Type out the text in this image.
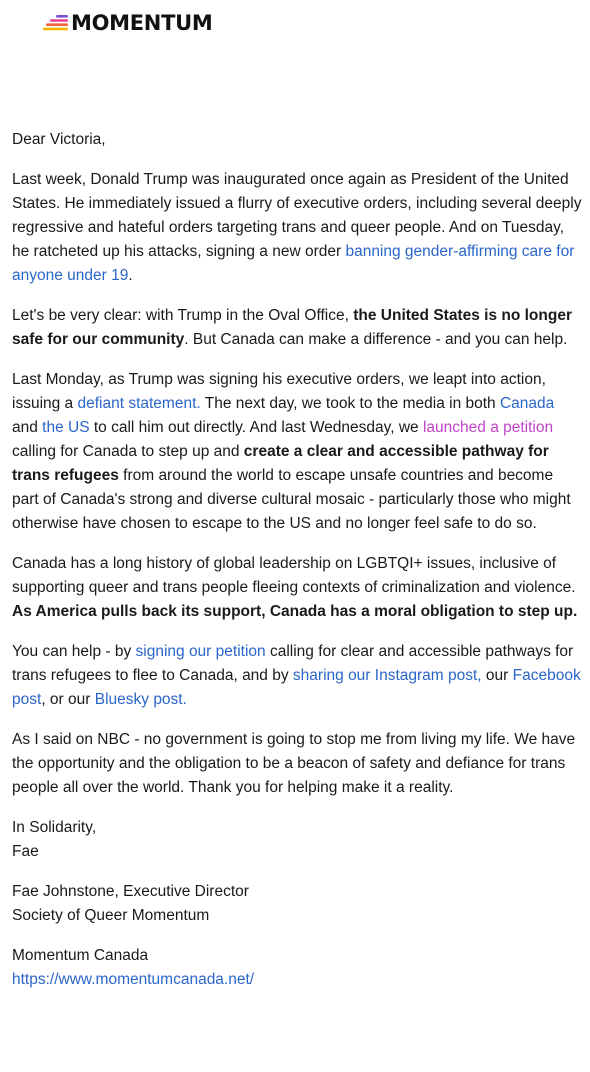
MOMENTUM

Dear Victoria,

Last week, Donald Trump was inaugurated once again as President of the United States. He immediately issued a flurry of executive orders, including several deeply regressive and hateful orders targeting trans and queer people. And on Tuesday, he ratcheted up his attacks, signing a new order banning gender-affirming care for anyone under 19.

Let's be very clear: with Trump in the Oval Office, the United States is no longer safe for our community. But Canada can make a difference - and you can help.

Last Monday, as Trump was signing his executive orders, we leapt into action, issuing a defiant statement. The next day, we took to the media in both Canada and the US to call him out directly. And last Wednesday, we launched a petition calling for Canada to step up and create a clear and accessible pathway for trans refugees from around the world to escape unsafe countries and become part of Canada's strong and diverse cultural mosaic - particularly those who might otherwise have chosen to escape to the US and no longer feel safe to do so.

Canada has a long history of global leadership on LGBTQI+ issues, inclusive of supporting queer and trans people fleeing contexts of criminalization and violence. As America pulls back its support, Canada has a moral obligation to step up.

You can help - by signing our petition calling for clear and accessible pathways for trans refugees to flee to Canada, and by sharing our Instagram post, our Facebook post, or our Bluesky post.

As I said on NBC - no government is going to stop me from living my life. We have the opportunity and the obligation to be a beacon of safety and defiance for trans people all over the world. Thank you for helping make it a reality.

In Solidarity,
Fae

Fae Johnstone, Executive Director
Society of Queer Momentum

Momentum Canada
https://www.momentumcanada.net/
